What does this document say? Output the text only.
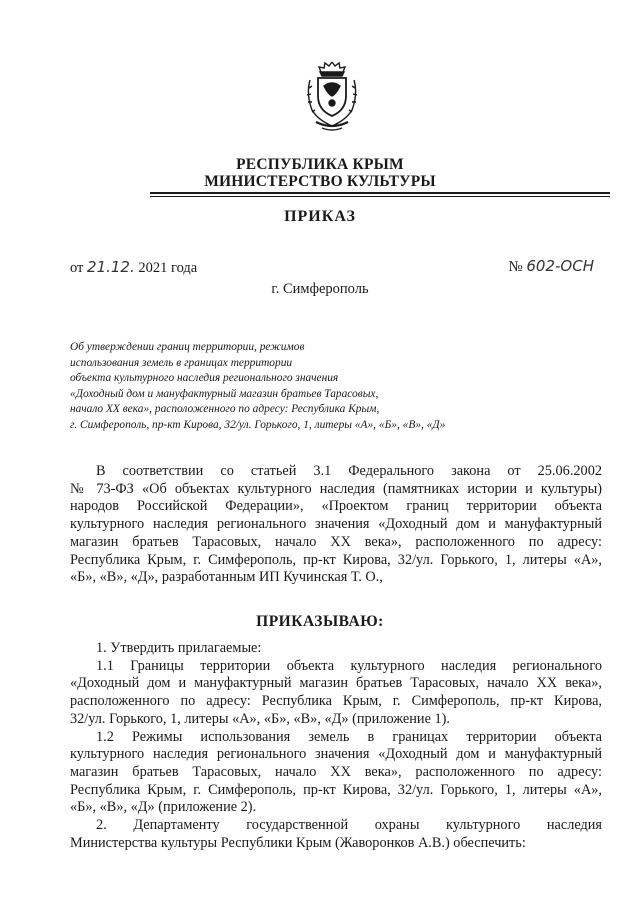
РЕСПУБЛИКА КРЫМ
МИНИСТЕРСТВО КУЛЬТУРЫ
ПРИКАЗ
от 21.12. 2021 года	№ 602-ОСН
г. Симферополь
Об утверждении границ территории, режимов
использования земель в границах территории
объекта культурного наследия регионального значения
«Доходный дом и мануфактурный магазин братьев Тарасовых,
начало XX века», расположенного по адресу: Республика Крым,
г. Симферополь, пр-кт Кирова, 32/ул. Горького, 1, литеры «А», «Б», «В», «Д»
В соответствии со статьей 3.1 Федерального закона от 25.06.2002
№ 73-ФЗ «Об объектах культурного наследия (памятниках истории и культуры)
народов Российской Федерации», «Проектом границ территории объекта
культурного наследия регионального значения «Доходный дом и мануфактурный
магазин братьев Тарасовых, начало XX века», расположенного по адресу:
Республика Крым, г. Симферополь, пр-кт Кирова, 32/ул. Горького, 1, литеры «А»,
«Б», «В», «Д», разработанным ИП Кучинская Т. О.,
ПРИКАЗЫВАЮ:
1. Утвердить прилагаемые:
1.1 Границы территории объекта культурного наследия регионального
«Доходный дом и мануфактурный магазин братьев Тарасовых, начало XX века»,
расположенного по адресу: Республика Крым, г. Симферополь, пр-кт Кирова,
32/ул. Горького, 1, литеры «А», «Б», «В», «Д» (приложение 1).
1.2 Режимы использования земель в границах территории объекта
культурного наследия регионального значения «Доходный дом и мануфактурный
магазин братьев Тарасовых, начало XX века», расположенного по адресу:
Республика Крым, г. Симферополь, пр-кт Кирова, 32/ул. Горького, 1, литеры «А»,
«Б», «В», «Д» (приложение 2).
2. Департаменту государственной охраны культурного наследия
Министерства культуры Республики Крым (Жаворонков А.В.) обеспечить:
